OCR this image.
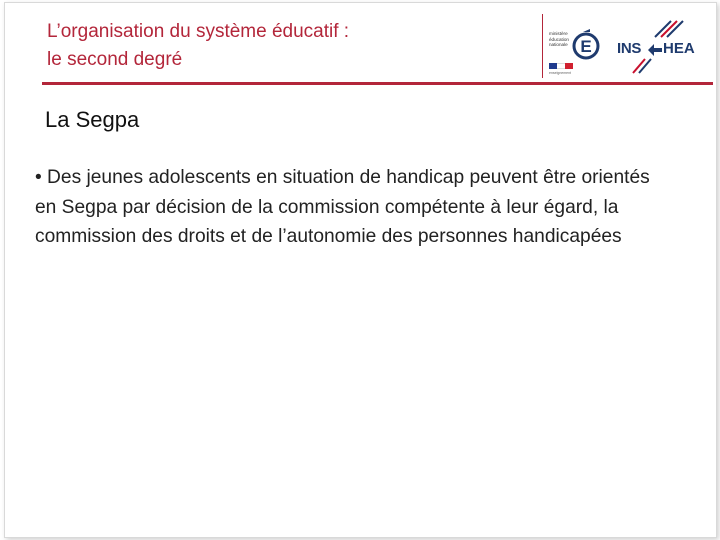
L’organisation du système éducatif :
le second degré
ministère
éducation
nationale E
enseignement
INS HEA
La Segpa
• Des jeunes adolescents en situation de handicap peuvent être orientés en Segpa par décision de la commission compétente à leur égard, la commission des droits et de l’autonomie des personnes handicapées
